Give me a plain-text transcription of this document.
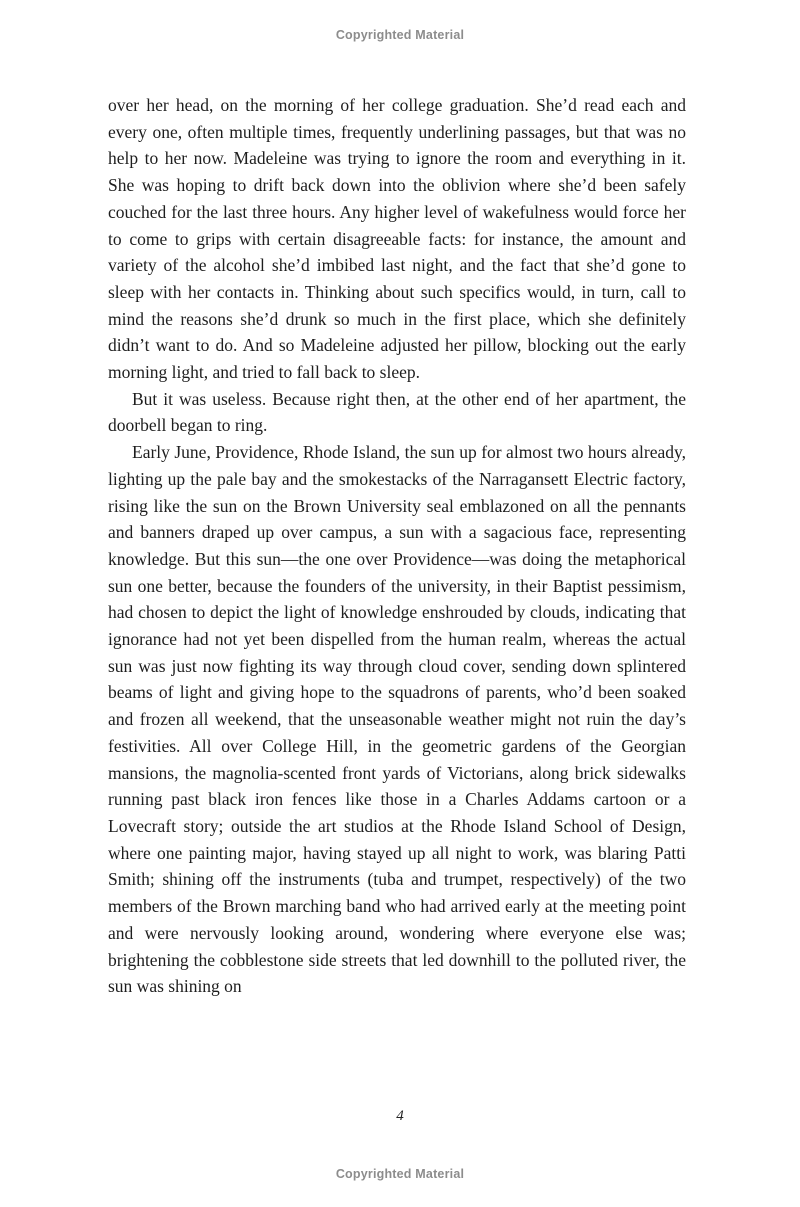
Copyrighted Material

over her head, on the morning of her college graduation. She’d read each and every one, often multiple times, frequently underlining passages, but that was no help to her now. Madeleine was trying to ignore the room and everything in it. She was hoping to drift back down into the oblivion where she’d been safely couched for the last three hours. Any higher level of wakefulness would force her to come to grips with certain disagreeable facts: for instance, the amount and variety of the alcohol she’d imbibed last night, and the fact that she’d gone to sleep with her contacts in. Thinking about such specifics would, in turn, call to mind the reasons she’d drunk so much in the first place, which she definitely didn’t want to do. And so Madeleine adjusted her pillow, blocking out the early morning light, and tried to fall back to sleep.

But it was useless. Because right then, at the other end of her apartment, the doorbell began to ring.

Early June, Providence, Rhode Island, the sun up for almost two hours already, lighting up the pale bay and the smokestacks of the Narragansett Electric factory, rising like the sun on the Brown University seal emblazoned on all the pennants and banners draped up over campus, a sun with a sagacious face, representing knowledge. But this sun—the one over Providence—was doing the metaphorical sun one better, because the founders of the university, in their Baptist pessimism, had chosen to depict the light of knowledge enshrouded by clouds, indicating that ignorance had not yet been dispelled from the human realm, whereas the actual sun was just now fighting its way through cloud cover, sending down splintered beams of light and giving hope to the squadrons of parents, who’d been soaked and frozen all weekend, that the unseasonable weather might not ruin the day’s festivities. All over College Hill, in the geometric gardens of the Georgian mansions, the magnolia-scented front yards of Victorians, along brick sidewalks running past black iron fences like those in a Charles Addams cartoon or a Lovecraft story; outside the art studios at the Rhode Island School of Design, where one painting major, having stayed up all night to work, was blaring Patti Smith; shining off the instruments (tuba and trumpet, respectively) of the two members of the Brown marching band who had arrived early at the meeting point and were nervously looking around, wondering where everyone else was; brightening the cobblestone side streets that led downhill to the polluted river, the sun was shining on

4
Copyrighted Material
